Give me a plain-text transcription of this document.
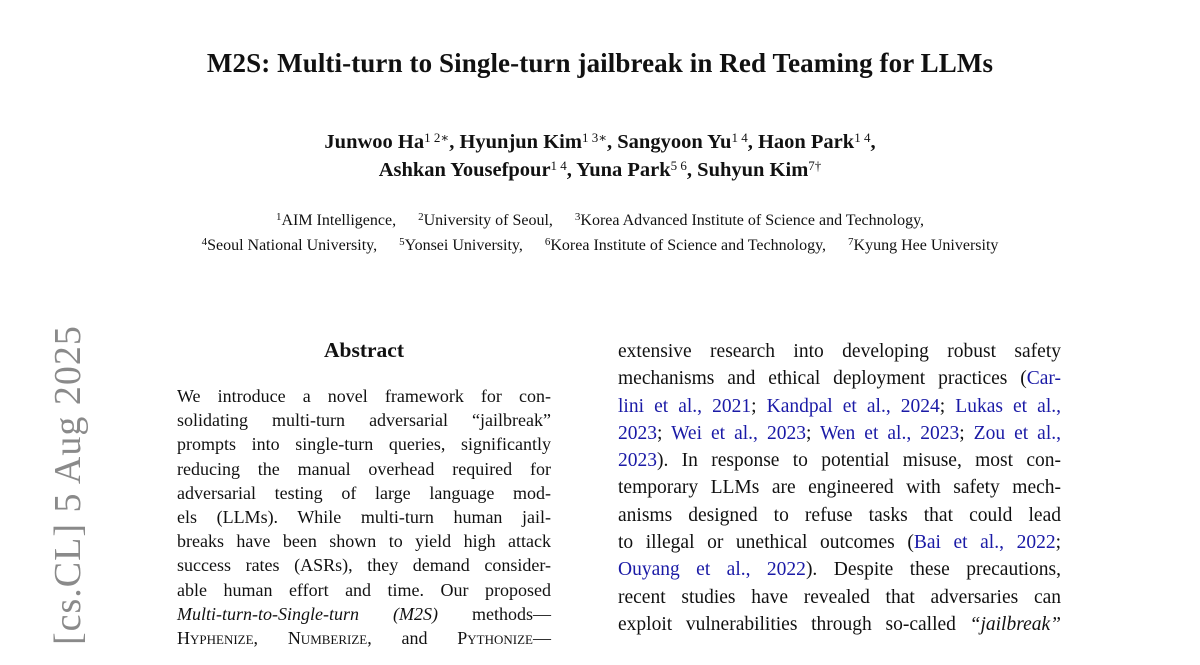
M2S: Multi-turn to Single-turn jailbreak in Red Teaming for LLMs
Junwoo $Ha^{1 2∗}$, Hyunjun Kim$^{1 3∗}$, Sangyoon $Yu^{1 4}$, Haon Park$^{1 4}$,
Ashkan Yousefpour$^{1 4}$, Yuna Park$^{5 6}$, Suhyun Kim$^{7\dagger}$
$^1$AIM Intelligence, $^2$University of Seoul, $^3$Korea Advanced Institute of Science and Technology,
$^4$Seoul National University, $^5$Yonsei University, $^6$Korea Institute of Science and Technology, $^7$Kyung Hee University
[cs.CL] 5 Aug 2025	Abstract
We introduce a novel framework for con-
solidating multi-turn adversarial “jailbreak”
prompts into single-turn queries, significantly
reducing the manual overhead required for
adversarial testing of large language mod-
els (LLMs). While multi-turn human jail-
breaks have been shown to yield high attack
success rates (ASRs), they demand consider-
able human effort and time. Our proposed
Multi-turn-to-Single-turn (M2S) methods—
Hyphenize, Numberize, and Pythonize—
extensive research into developing robust safety
mechanisms and ethical deployment practices (Car-
lini et al., 2021; Kandpal et al., 2024; Lukas et al.,
2023; Wei et al., 2023; Wen et al., 2023; Zou et al.,
2023). In response to potential misuse, most con-
temporary LLMs are engineered with safety mech-
anisms designed to refuse tasks that could lead
to illegal or unethical outcomes (Bai et al., 2022;
Ouyang et al., 2022). Despite these precautions,
recent studies have revealed that adversaries can
exploit vulnerabilities through so-called “jailbreak”
